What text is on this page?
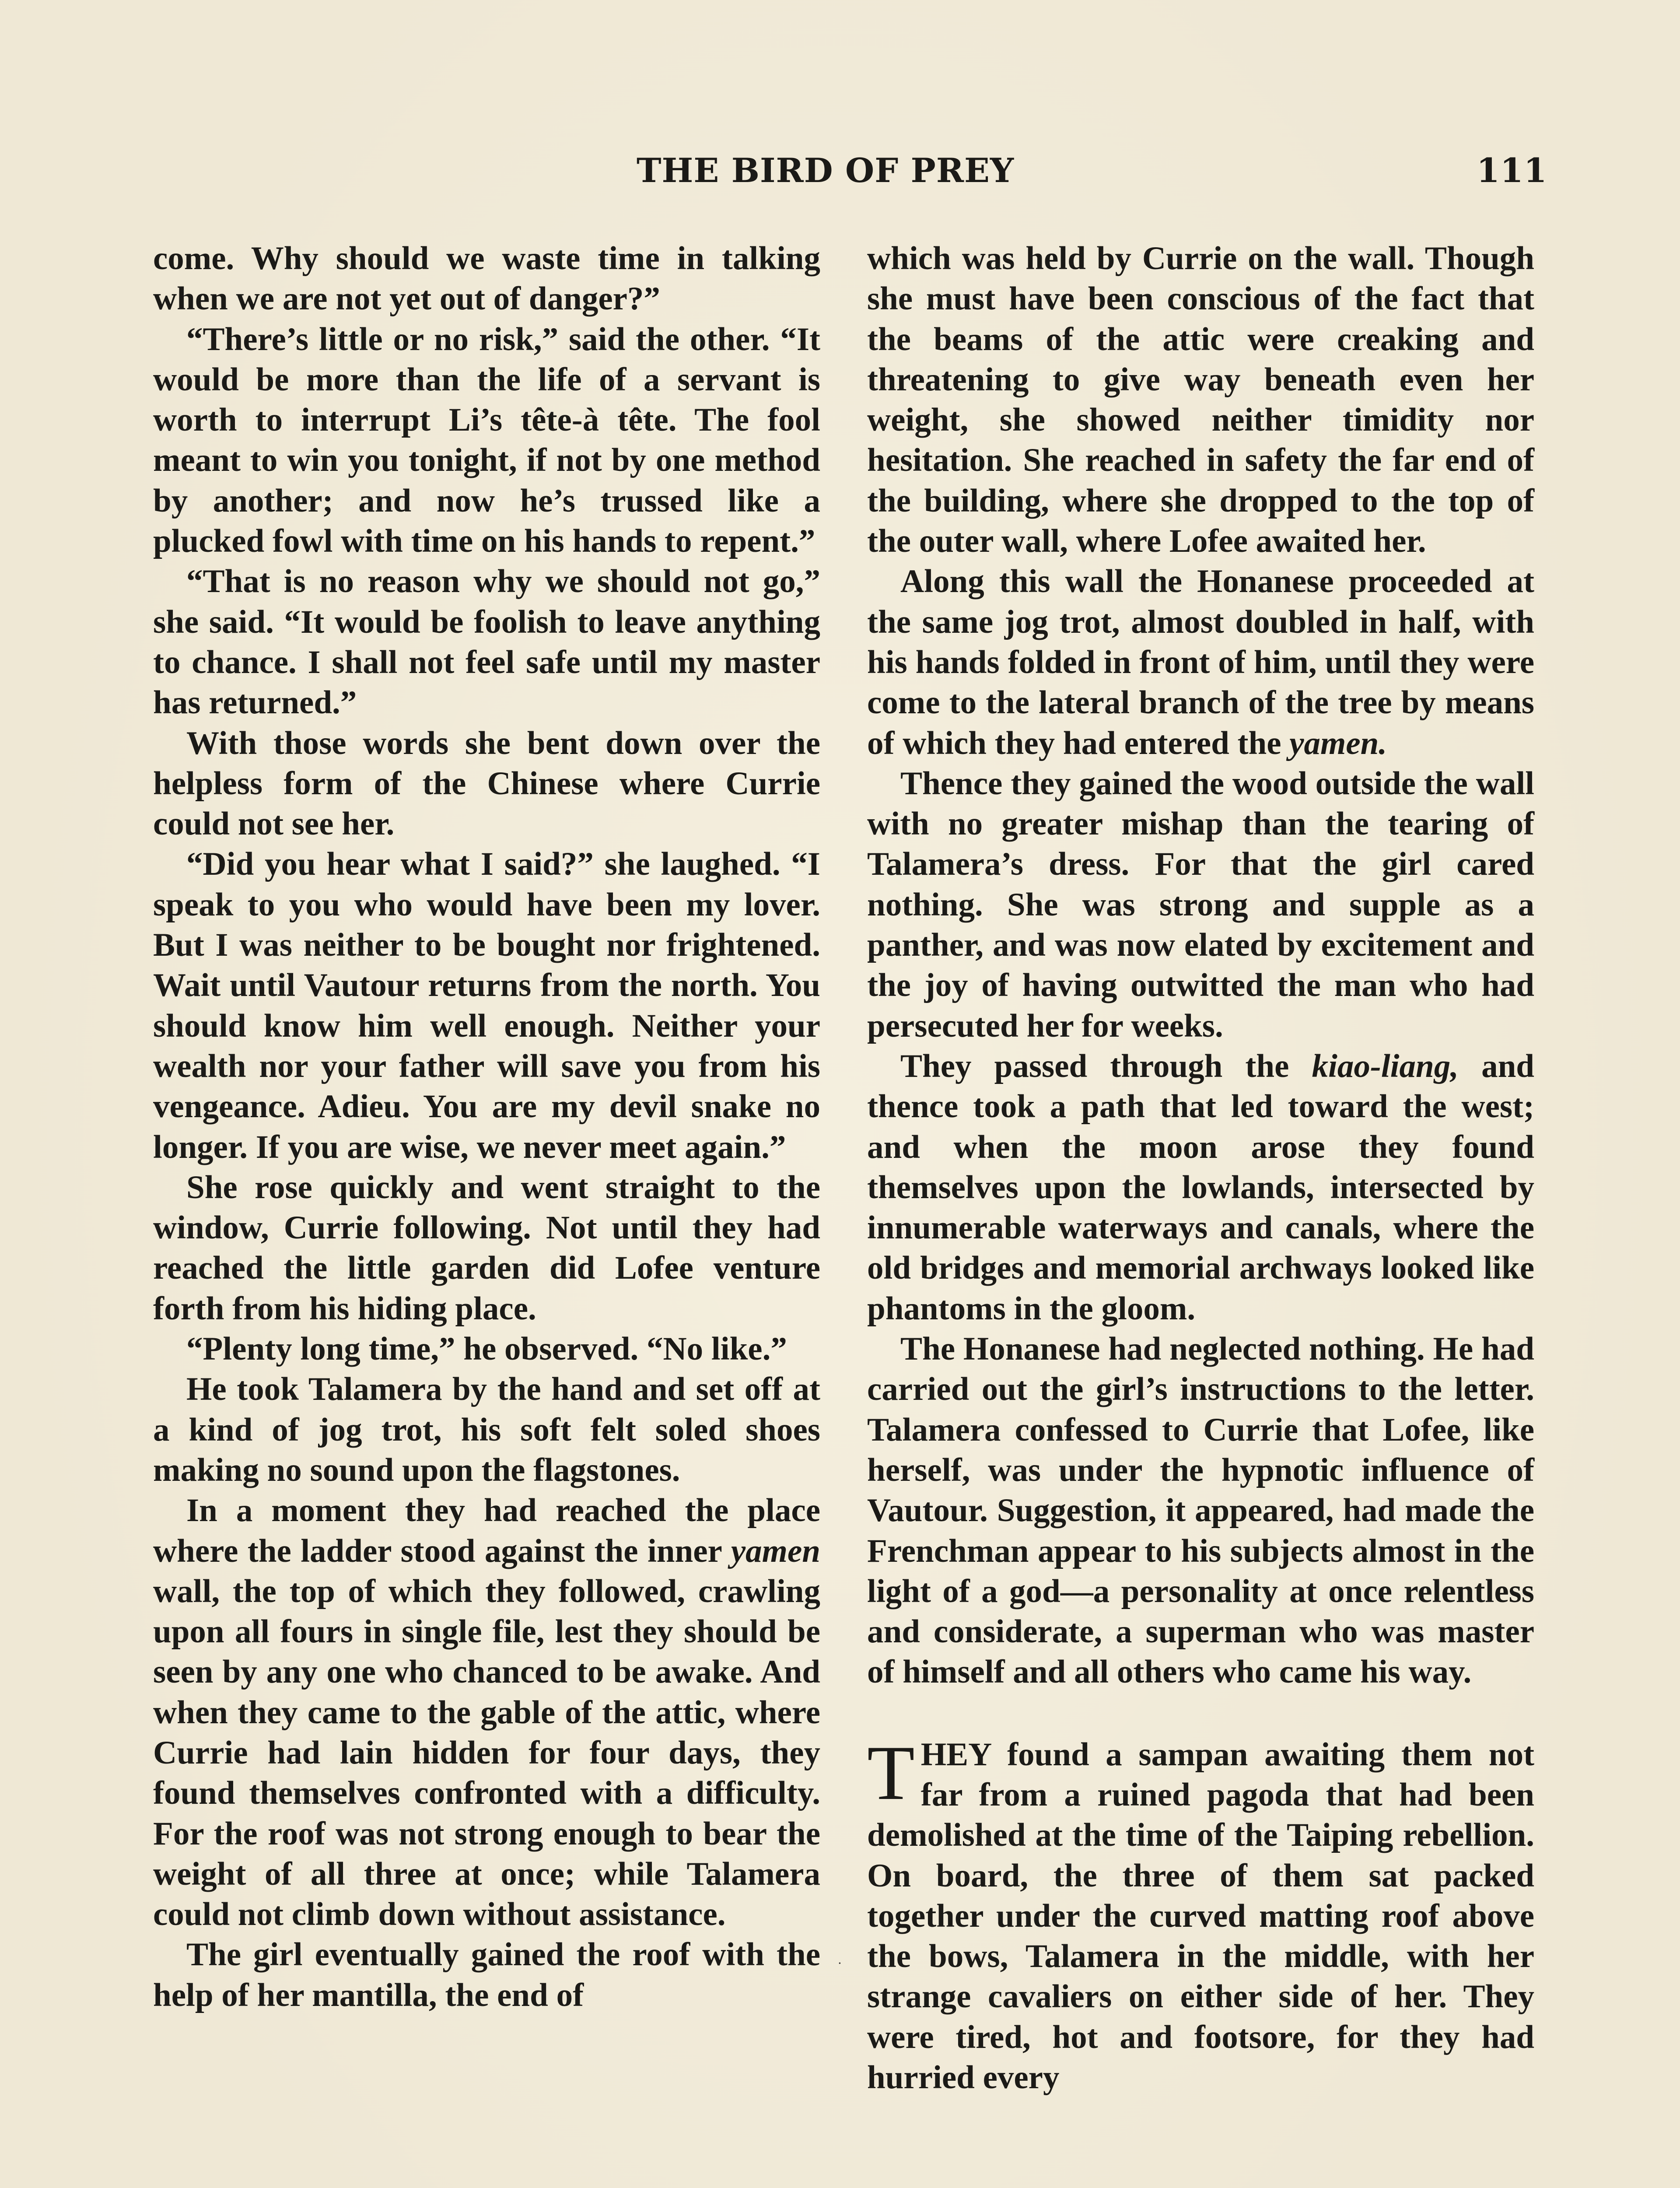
THE BIRD OF PREY	111

come. Why should we waste time in talking when we are not yet out of danger?”

“There’s little or no risk,” said the other. “It would be more than the life of a servant is worth to interrupt Li’s tête-à tête. The fool meant to win you tonight, if not by one method by another; and now he’s trussed like a plucked fowl with time on his hands to repent.”

“That is no reason why we should not go,” she said. “It would be foolish to leave anything to chance. I shall not feel safe until my master has returned.”

With those words she bent down over the helpless form of the Chinese where Currie could not see her.

“Did you hear what I said?” she laughed. “I speak to you who would have been my lover. But I was neither to be bought nor frightened. Wait until Vautour returns from the north. You should know him well enough. Neither your wealth nor your father will save you from his vengeance. Adieu. You are my devil snake no longer. If you are wise, we never meet again.”

She rose quickly and went straight to the window, Currie following. Not until they had reached the little garden did Lofee venture forth from his hiding place.

“Plenty long time,” he observed. “No like.”

He took Talamera by the hand and set off at a kind of jog trot, his soft felt soled shoes making no sound upon the flagstones.

In a moment they had reached the place where the ladder stood against the inner yamen wall, the top of which they followed, crawling upon all fours in single file, lest they should be seen by any one who chanced to be awake. And when they came to the gable of the attic, where Currie had lain hidden for four days, they found themselves confronted with a difficulty. For the roof was not strong enough to bear the weight of all three at once; while Talamera could not climb down without assistance.

The girl eventually gained the roof with the help of her mantilla, the end of

which was held by Currie on the wall. Though she must have been conscious of the fact that the beams of the attic were creaking and threatening to give way beneath even her weight, she showed neither timidity nor hesitation. She reached in safety the far end of the building, where she dropped to the top of the outer wall, where Lofee awaited her.

Along this wall the Honanese proceeded at the same jog trot, almost doubled in half, with his hands folded in front of him, until they were come to the lateral branch of the tree by means of which they had entered the yamen.

Thence they gained the wood outside the wall with no greater mishap than the tearing of Talamera’s dress. For that the girl cared nothing. She was strong and supple as a panther, and was now elated by excitement and the joy of having outwitted the man who had persecuted her for weeks.

They passed through the kiao-liang, and thence took a path that led toward the west; and when the moon arose they found themselves upon the lowlands, intersected by innumerable waterways and canals, where the old bridges and memorial archways looked like phantoms in the gloom.

The Honanese had neglected nothing. He had carried out the girl’s instructions to the letter. Talamera confessed to Currie that Lofee, like herself, was under the hypnotic influence of Vautour. Suggestion, it appeared, had made the Frenchman appear to his subjects almost in the light of a god—a personality at once relentless and considerate, a superman who was master of himself and all others who came his way.

THEY found a sampan awaiting them not far from a ruined pagoda that had been demolished at the time of the Taiping rebellion. On board, the three of them sat packed together under the curved matting roof above the bows, Talamera in the middle, with her strange cavaliers on either side of her. They were tired, hot and footsore, for they had hurried every

·
